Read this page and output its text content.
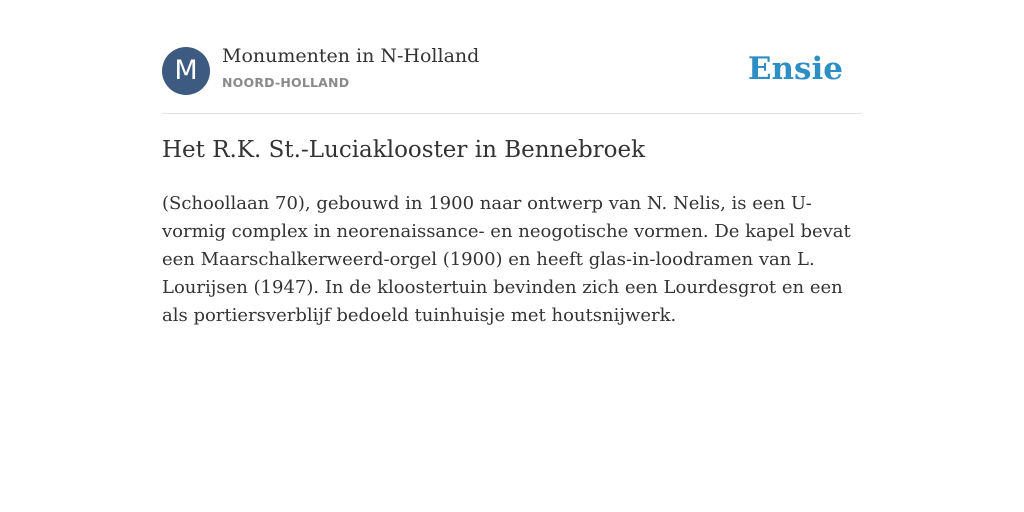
M	Monumenten in N-Holland
NOORD-HOLLAND	Ensie
Het R.K. St.-Luciaklooster in Bennebroek

(Schoollaan 70), gebouwd in 1900 naar ontwerp van N. Nelis, is een U-vormig complex in neorenaissance- en neogotische vormen. De kapel bevat een Maarschalkerweerd-orgel (1900) en heeft glas-in-loodramen van L. Lourijsen (1947). In de kloostertuin bevinden zich een Lourdesgrot en een als portiersverblijf bedoeld tuinhuisje met houtsnijwerk.
